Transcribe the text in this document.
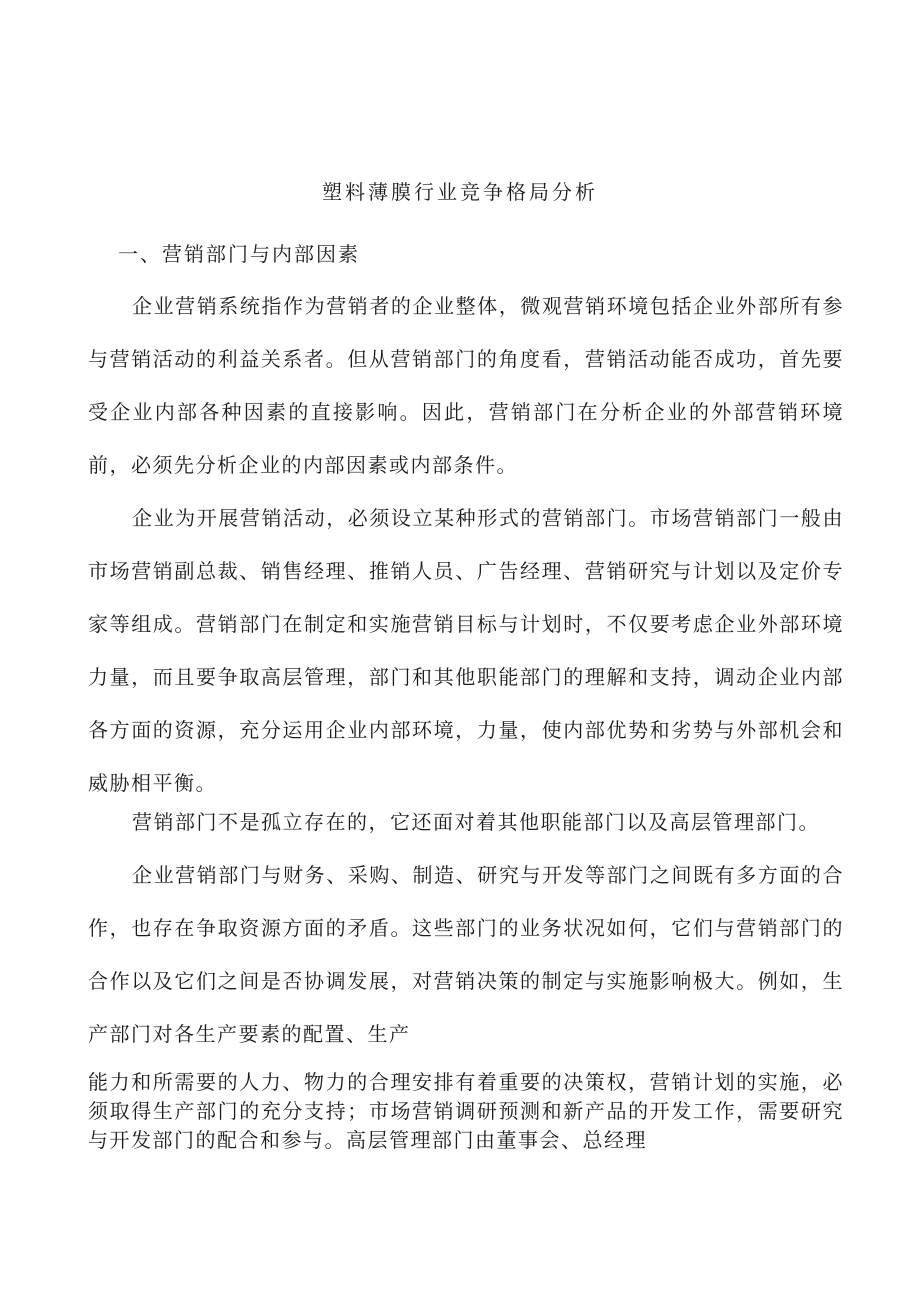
塑料薄膜行业竞争格局分析
一、营销部门与内部因素

企业营销系统指作为营销者的企业整体，微观营销环境包括企业外部所有参与营销活动的利益关系者。但从营销部门的角度看，营销活动能否成功，首先要受企业内部各种因素的直接影响。因此，营销部门在分析企业的外部营销环境前，必须先分析企业的内部因素或内部条件。

企业为开展营销活动，必须设立某种形式的营销部门。市场营销部门一般由市场营销副总裁、销售经理、推销人员、广告经理、营销研究与计划以及定价专家等组成。营销部门在制定和实施营销目标与计划时，不仅要考虑企业外部环境力量，而且要争取高层管理，部门和其他职能部门的理解和支持，调动企业内部各方面的资源，充分运用企业内部环境，力量，使内部优势和劣势与外部机会和威胁相平衡。

营销部门不是孤立存在的，它还面对着其他职能部门以及高层管理部门。

企业营销部门与财务、采购、制造、研究与开发等部门之间既有多方面的合作，也存在争取资源方面的矛盾。这些部门的业务状况如何，它们与营销部门的合作以及它们之间是否协调发展，对营销决策的制定与实施影响极大。例如，生产部门对各生产要素的配置、生产

能力和所需要的人力、物力的合理安排有着重要的决策权，营销计划的实施，必须取得生产部门的充分支持；市场营销调研预测和新产品的开发工作，需要研究与开发部门的配合和参与。高层管理部门由董事会、总经理
